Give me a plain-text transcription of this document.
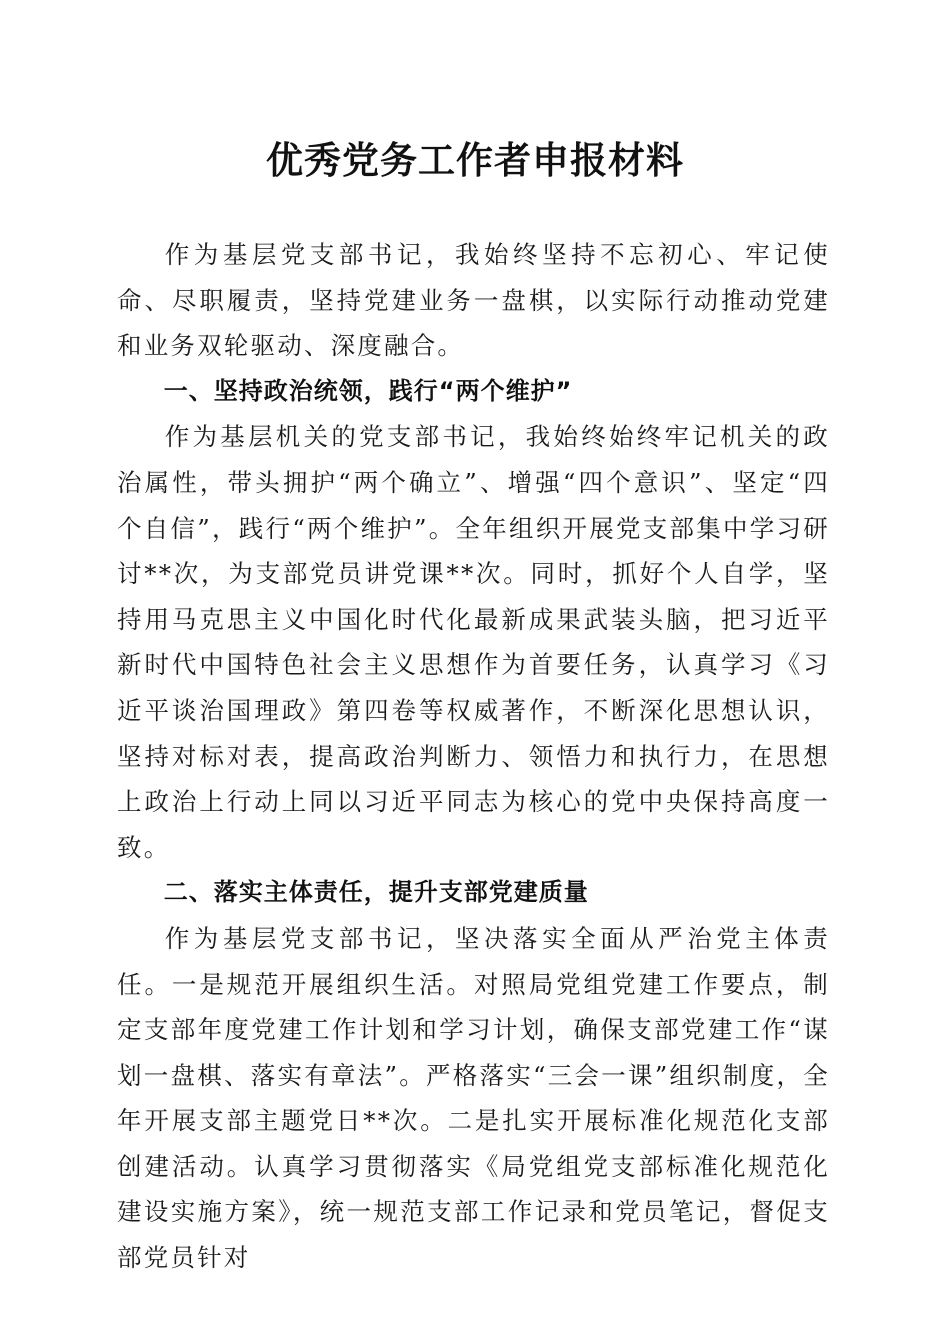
优秀党务工作者申报材料

作为基层党支部书记，我始终坚持不忘初心、牢记使命、尽职履责，坚持党建业务一盘棋，以实际行动推动党建和业务双轮驱动、深度融合。

一、坚持政治统领，践行“两个维护”

作为基层机关的党支部书记，我始终始终牢记机关的政治属性，带头拥护“两个确立”、增强“四个意识”、坚定“四个自信”，践行“两个维护”。全年组织开展党支部集中学习研讨**次，为支部党员讲党课**次。同时，抓好个人自学，坚持用马克思主义中国化时代化最新成果武装头脑，把习近平新时代中国特色社会主义思想作为首要任务，认真学习《习近平谈治国理政》第四卷等权威著作，不断深化思想认识，坚持对标对表，提高政治判断力、领悟力和执行力，在思想上政治上行动上同以习近平同志为核心的党中央保持高度一致。

二、落实主体责任，提升支部党建质量

作为基层党支部书记，坚决落实全面从严治党主体责任。一是规范开展组织生活。对照局党组党建工作要点，制定支部年度党建工作计划和学习计划，确保支部党建工作“谋划一盘棋、落实有章法”。严格落实“三会一课”组织制度，全年开展支部主题党日**次。二是扎实开展标准化规范化支部创建活动。认真学习贯彻落实《局党组党支部标准化规范化建设实施方案》，统一规范支部工作记录和党员笔记，督促支部党员针对
